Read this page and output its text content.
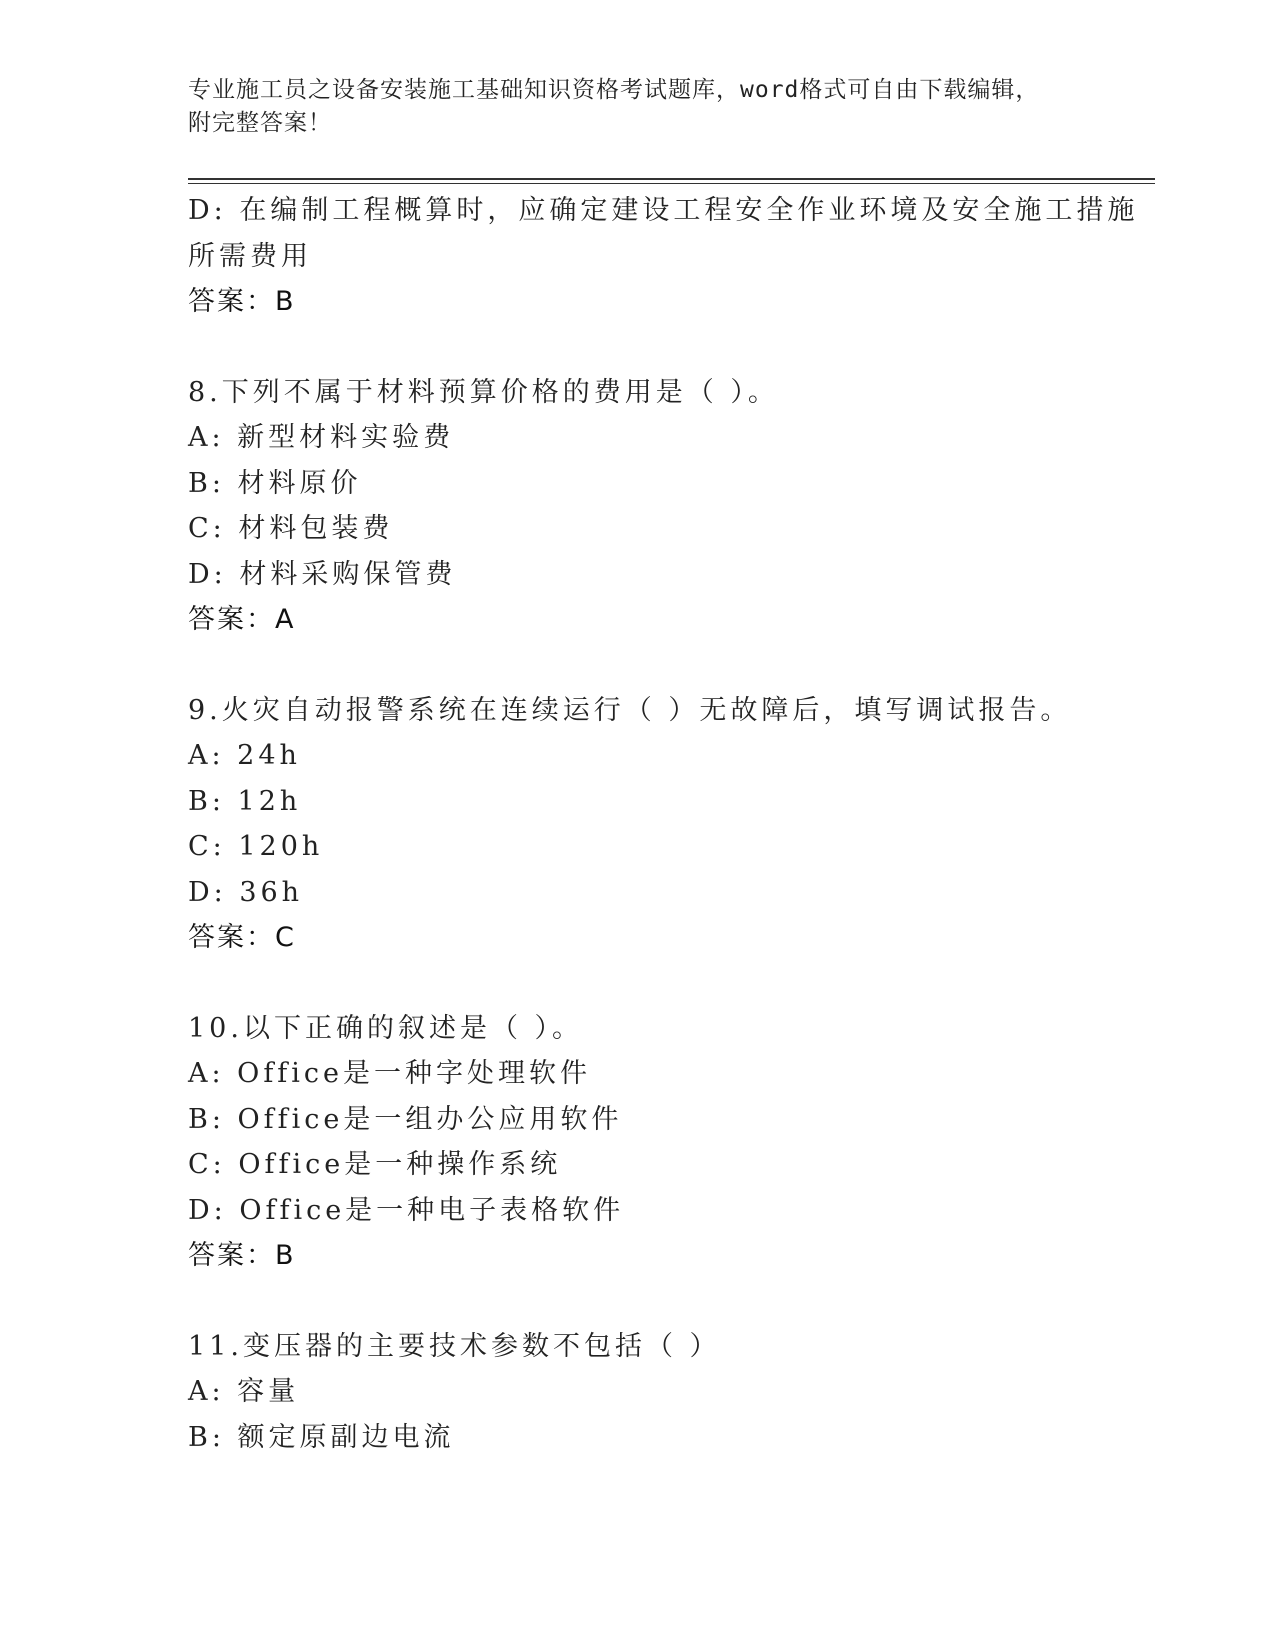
专业施工员之设备安装施工基础知识资格考试题库，word格式可自由下载编辑，
附完整答案！
D: 在编制工程概算时，应确定建设工程安全作业环境及安全施工措施
所需费用
答案：B
8.下列不属于材料预算价格的费用是（ ）。
A: 新型材料实验费
B: 材料原价
C: 材料包装费
D: 材料采购保管费
答案：A
9.火灾自动报警系统在连续运行（ ）无故障后，填写调试报告。
A: 24h
B: 12h
C: 120h
D: 36h
答案：C
10.以下正确的叙述是（ ）。
A: Office是一种字处理软件
B: Office是一组办公应用软件
C: Office是一种操作系统
D: Office是一种电子表格软件
答案：B
11.变压器的主要技术参数不包括（ ）
A: 容量
B: 额定原副边电流
